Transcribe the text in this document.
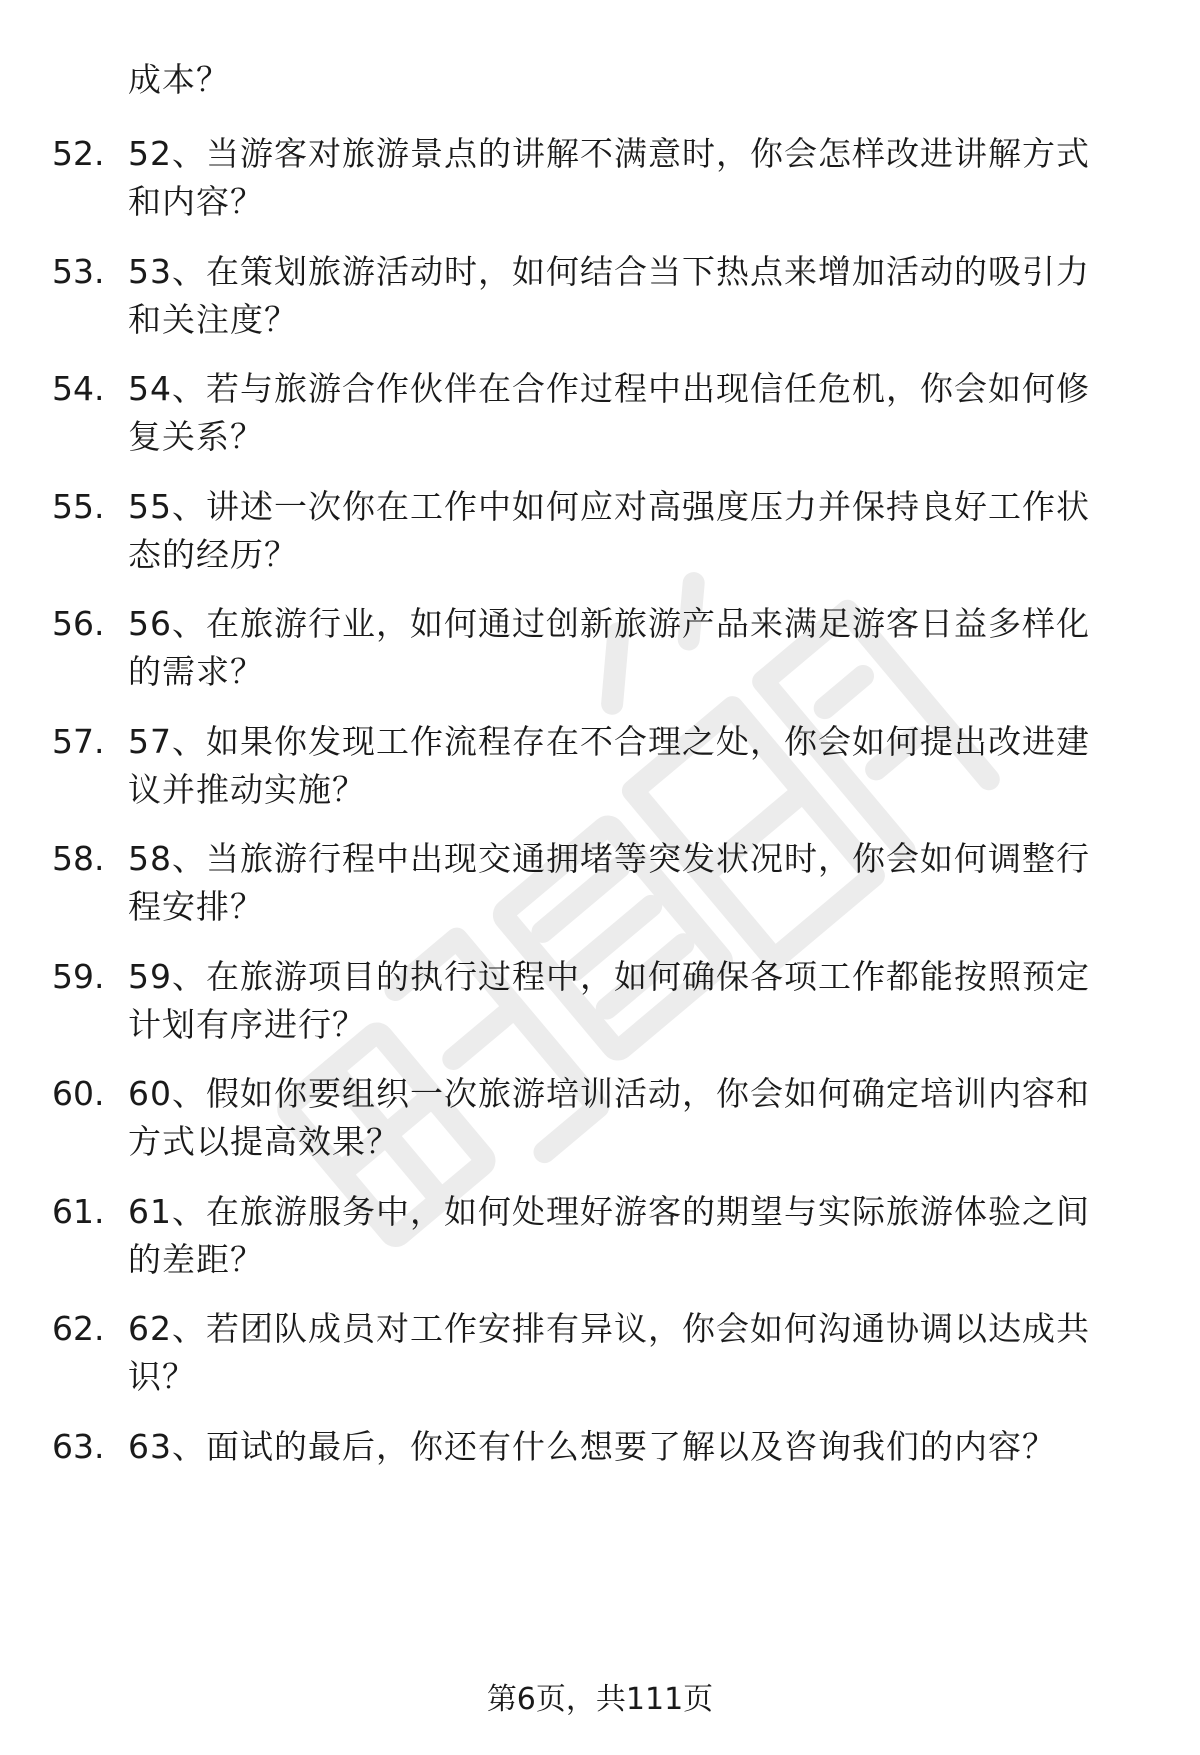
成本？
52. 52、当游客对旅游景点的讲解不满意时，你会怎样改进讲解方式
和内容？
53. 53、在策划旅游活动时，如何结合当下热点来增加活动的吸引力
和关注度？
54. 54、若与旅游合作伙伴在合作过程中出现信任危机，你会如何修
复关系？
55. 55、讲述一次你在工作中如何应对高强度压力并保持良好工作状
态的经历？
56. 56、在旅游行业，如何通过创新旅游产品来满足游客日益多样化
的需求？
57. 57、如果你发现工作流程存在不合理之处，你会如何提出改进建
议并推动实施？
58. 58、当旅游行程中出现交通拥堵等突发状况时，你会如何调整行
程安排？
59. 59、在旅游项目的执行过程中，如何确保各项工作都能按照预定
计划有序进行？
60. 60、假如你要组织一次旅游培训活动，你会如何确定培训内容和
方式以提高效果？
61. 61、在旅游服务中，如何处理好游客的期望与实际旅游体验之间
的差距？
62. 62、若团队成员对工作安排有异议，你会如何沟通协调以达成共
识？
63. 63、面试的最后，你还有什么想要了解以及咨询我们的内容？
第6页，共111页
